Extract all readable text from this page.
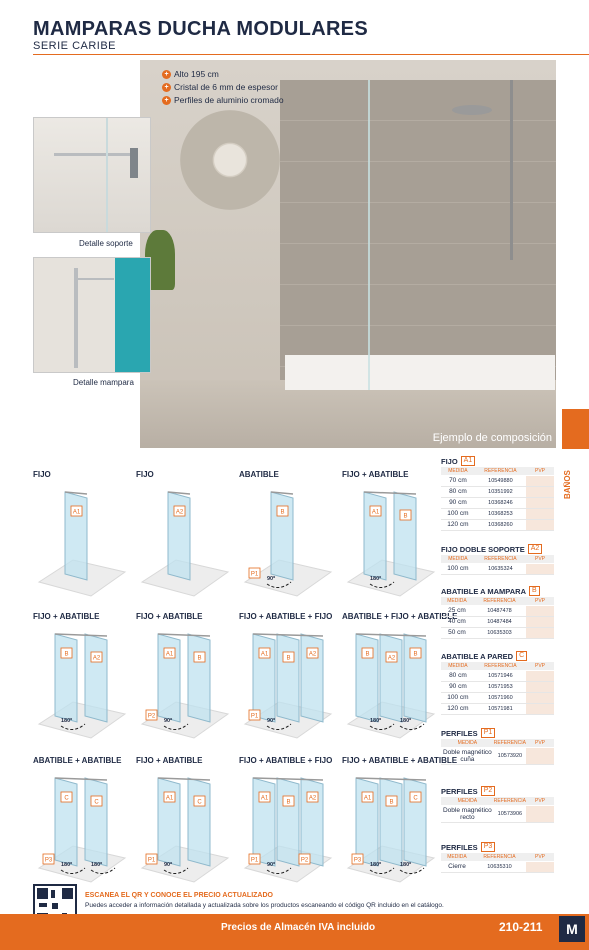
MAMPARAS DUCHA MODULARES
SERIE CARIBE
+ Alto 195 cm
+ Cristal de 6 mm de espesor
+ Perfiles de aluminio cromado
Ejemplo de composición
Detalle soporte
Detalle mampara
BAÑOS
FIJO
A1
FIJO
A2
ABATIBLE
B
P1
90º
FIJO + ABATIBLE
A1
B
180º
FIJO + ABATIBLE
B
A2
180º
FIJO + ABATIBLE
A1
B
P2
90º
FIJO + ABATIBLE + FIJO
A1
B
A2
P1
90º
ABATIBLE + FIJO + ABATIBLE
B
A2
B
180º	180º
ABATIBLE + ABATIBLE
C
C
P3
180º	180º
FIJO + ABATIBLE
A1
C
P1
90º
FIJO + ABATIBLE + FIJO
A1
B
A2
P1	P2
90º
FIJO + ABATIBLE + ABATIBLE
A1
B
C
P3
180º	180º
FIJO A1
MEDIDA	REFERENCIA	PVP
70 cm	10549880	
80 cm	10351992	
90 cm	10368246	
100 cm	10368253	
120 cm	10368260	
FIJO DOBLE SOPORTE A2
MEDIDA	REFERENCIA	PVP
100 cm	10635324	
ABATIBLE A MAMPARA B
MEDIDA	REFERENCIA	PVP
25 cm	10487478	
40 cm	10487484	
50 cm	10635303	
ABATIBLE A PARED C
MEDIDA	REFERENCIA	PVP
80 cm	10571946	
90 cm	10571953	
100 cm	10571960	
120 cm	10571981	
PERFILES P1
MEDIDA	REFERENCIA	PVP
Doble magnético cuña	10573920	
PERFILES P2
MEDIDA	REFERENCIA	PVP
Doble magnético recto	10573906	
PERFILES P3
MEDIDA	REFERENCIA	PVP
Cierre	10635310	
ESCANEA EL QR Y CONOCE EL PRECIO ACTUALIZADO
Puedes acceder a información detallada y actualizada sobre los productos escaneando el código QR incluido en el catálogo.
Precios de Almacén IVA incluido	210-211	M
